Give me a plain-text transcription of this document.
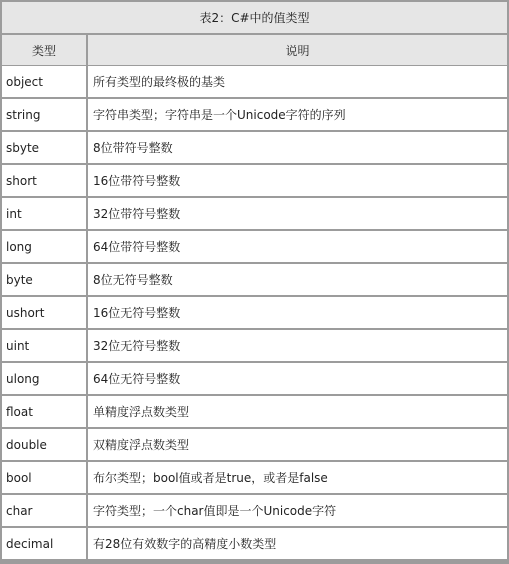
表2：C#中的值类型
类型	说明
object	所有类型的最终极的基类
string	字符串类型；字符串是一个Unicode字符的序列
sbyte	8位带符号整数
short	16位带符号整数
int	32位带符号整数
long	64位带符号整数
byte	8位无符号整数
ushort	16位无符号整数
uint	32位无符号整数
ulong	64位无符号整数
float	单精度浮点数类型
double	双精度浮点数类型
bool	布尔类型；bool值或者是true，或者是false
char	字符类型；一个char值即是一个Unicode字符
decimal	有28位有效数字的高精度小数类型
